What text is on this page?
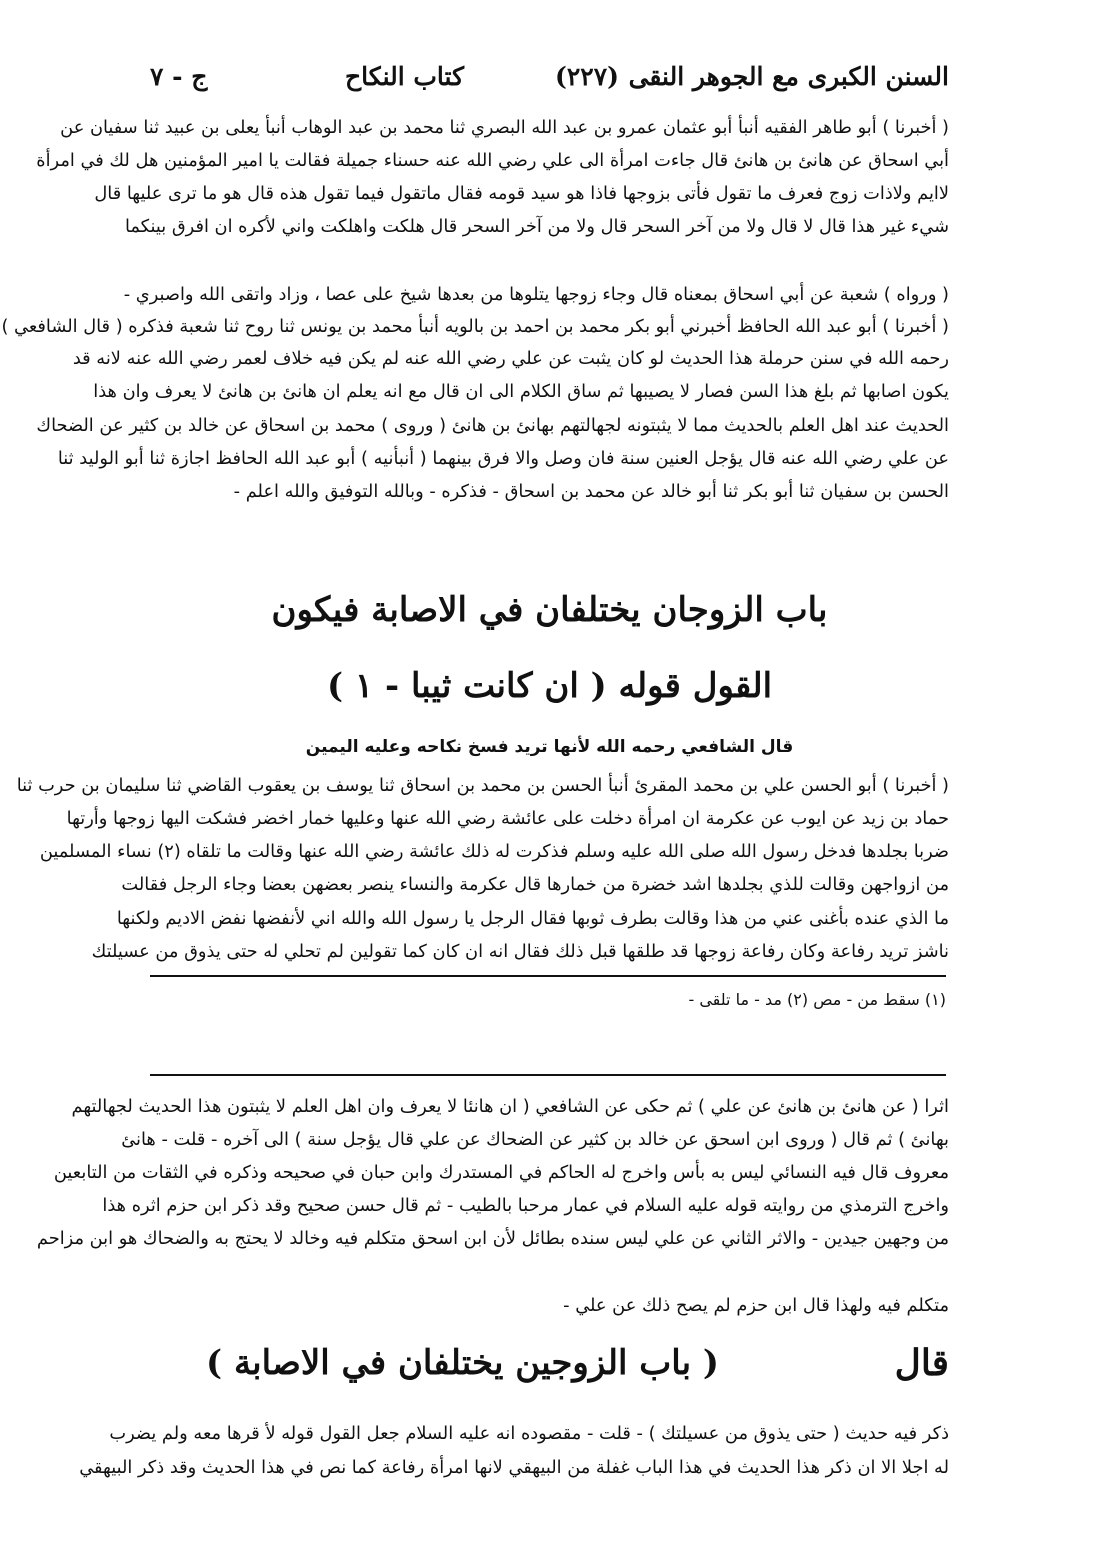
السنن الكبرى مع الجوهر النقى
(٢٢٧)
كتاب النكاح
ج - ٧
( أخبرنا ) أبو طاهر الفقيه أنبأ أبو عثمان عمرو بن عبد الله البصري ثنا محمد بن عبد الوهاب أنبأ يعلى بن عبيد ثنا سفيان عن
أبي اسحاق عن هانئ بن هانئ قال جاءت امرأة الى علي رضي الله عنه حسناء جميلة فقالت يا امير المؤمنين هل لك في امرأة
لاايم ولاذات زوج فعرف ما تقول فأتى بزوجها فاذا هو سيد قومه فقال ماتقول فيما تقول هذه قال هو ما ترى عليها قال
شيء غير هذا قال لا قال ولا من آخر السحر قال ولا من آخر السحر قال هلكت واهلكت واني لأكره ان افرق بينكما
( ورواه ) شعبة عن أبي اسحاق بمعناه قال وجاء زوجها يتلوها من بعدها شيخ على عصا ، وزاد واتقى الله واصبري -
( أخبرنا ) أبو عبد الله الحافظ أخبرني أبو بكر محمد بن احمد بن بالويه أنبأ محمد بن يونس ثنا روح ثنا شعبة فذكره ( قال الشافعي )
رحمه الله في سنن حرملة هذا الحديث لو كان يثبت عن علي رضي الله عنه لم يكن فيه خلاف لعمر رضي الله عنه لانه قد
يكون اصابها ثم بلغ هذا السن فصار لا يصيبها ثم ساق الكلام الى ان قال مع انه يعلم ان هانئ بن هانئ لا يعرف وان هذا
الحديث عند اهل العلم بالحديث مما لا يثبتونه لجهالتهم بهانئ بن هانئ ( وروى ) محمد بن اسحاق عن خالد بن كثير عن الضحاك
عن علي رضي الله عنه قال يؤجل العنين سنة فان وصل والا فرق بينهما ( أنبأنيه ) أبو عبد الله الحافظ اجازة ثنا أبو الوليد ثنا
الحسن بن سفيان ثنا أبو بكر ثنا أبو خالد عن محمد بن اسحاق - فذكره - وبالله التوفيق والله اعلم -
باب الزوجان يختلفان في الاصابة فيكون
القول قوله ( ان كانت ثيبا - ١ )
قال الشافعي رحمه الله لأنها تريد فسخ نكاحه وعليه اليمين
( أخبرنا ) أبو الحسن علي بن محمد المقرئ أنبأ الحسن بن محمد بن اسحاق ثنا يوسف بن يعقوب القاضي ثنا سليمان بن حرب ثنا
حماد بن زيد عن ايوب عن عكرمة ان امرأة دخلت على عائشة رضي الله عنها وعليها خمار اخضر فشكت اليها زوجها وأرتها
ضربا بجلدها فدخل رسول الله صلى الله عليه وسلم فذكرت له ذلك عائشة رضي الله عنها وقالت ما تلقاه (٢) نساء المسلمين
من ازواجهن وقالت للذي بجلدها اشد خضرة من خمارها قال عكرمة والنساء ينصر بعضهن بعضا وجاء الرجل فقالت
ما الذي عنده بأغنى عني من هذا وقالت بطرف ثوبها فقال الرجل يا رسول الله والله اني لأنفضها نفض الاديم ولكنها
ناشز تريد رفاعة وكان رفاعة زوجها قد طلقها قبل ذلك فقال انه ان كان كما تقولين لم تحلي له حتى يذوق من عسيلتك
(١) سقط من - مص (٢) مد - ما تلقى -
اثرا ( عن هانئ بن هانئ عن علي ) ثم حكى عن الشافعي ( ان هانئا لا يعرف وان اهل العلم لا يثبتون هذا الحديث لجهالتهم
بهانئ ) ثم قال ( وروى ابن اسحق عن خالد بن كثير عن الضحاك عن علي قال يؤجل سنة ) الى آخره - قلت - هانئ
معروف قال فيه النسائي ليس به بأس واخرج له الحاكم في المستدرك وابن حبان في صحيحه وذكره في الثقات من التابعين
واخرج الترمذي من روايته قوله عليه السلام في عمار مرحبا بالطيب - ثم قال حسن صحيح وقد ذكر ابن حزم اثره هذا
من وجهين جيدين - والاثر الثاني عن علي ليس سنده بطائل لأن ابن اسحق متكلم فيه وخالد لا يحتج به والضحاك هو ابن مزاحم
متكلم فيه ولهذا قال ابن حزم لم يصح ذلك عن علي -
قال
( باب الزوجين يختلفان في الاصابة )
ذكر فيه حديث ( حتى يذوق من عسيلتك ) - قلت - مقصوده انه عليه السلام جعل القول قوله لأ قرها معه ولم يضرب
له اجلا الا ان ذكر هذا الحديث في هذا الباب غفلة من البيهقي لانها امرأة رفاعة كما نص في هذا الحديث وقد ذكر البيهقي
